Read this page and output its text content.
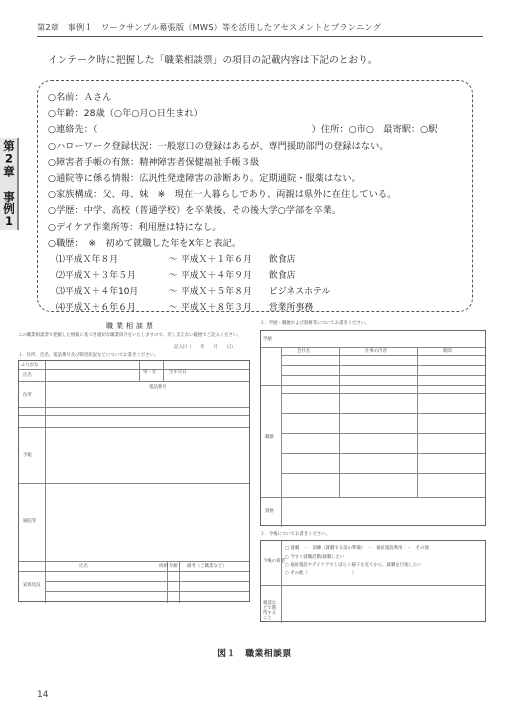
第2章　事例１　ワークサンプル幕張版（MWS）等を活用したアセスメントとプランニング
第2章 事例1
インテーク時に把握した「職業相談票」の項目の記載内容は下記のとおり。
○名前：Ａさん
○年齢：28歳（○年○月○日生まれ）
○連絡先：（	）住所：○市○　最寄駅：○駅
○ハローワーク登録状況：一般窓口の登録はあるが、専門援助部門の登録はない。
○障害者手帳の有無：精神障害者保健福祉手帳３級
○通院等に係る情報：広汎性発達障害の診断あり。定期通院・服薬はない。
○家族構成：父、母、妹　※　現在一人暮らしであり、両親は県外に在住している。
○学歴：中学、高校（普通学校）を卒業後、その後大学○学部を卒業。
○デイケア作業所等：利用歴は特になし。
○職歴：　※　初めて就職した年をX年と表記。
⑴ 平成Ｘ年８月	〜 平成Ｘ＋１年６月	飲食店
⑵ 平成Ｘ＋３年５月	〜 平成Ｘ＋４年９月	飲食店
⑶ 平成Ｘ＋４年10月	〜 平成Ｘ＋５年８月	ビジネスホテル
⑷ 平成Ｘ＋６年６月	〜 平成Ｘ＋８年３月	営業所事務
職業相談票
この職業相談票で把握した情報に基づき適切な職業紹介をいたしますので、差し支えない範囲でご記入ください。
記入日（　　年　　月　　日）
１．住所、氏名、電話番号及び障害状況などについてお書きください。
ふりがな
氏名
男・女	生年月日
住所
電話番号
手帳
通院等
家族状況
氏名	続柄 年齢 備考（ご職業など）
２．学歴・職歴および資格等についてお書きください。
学歴
会社名	仕事の内容	期間
職歴
資格
３．今後についてお書きください。
今後の希望
□ 就職　・　訓練（就職する前の準備）　・　福祉施設利用　・　その他
○ 今すぐ就職活動/就職したい
○ 福祉施設やデイケアでしばらく様子を見てから、就職を目指したい
○ その他（　　　　　　　　　　）
相談などで期待すること
図１　職業相談票
14
